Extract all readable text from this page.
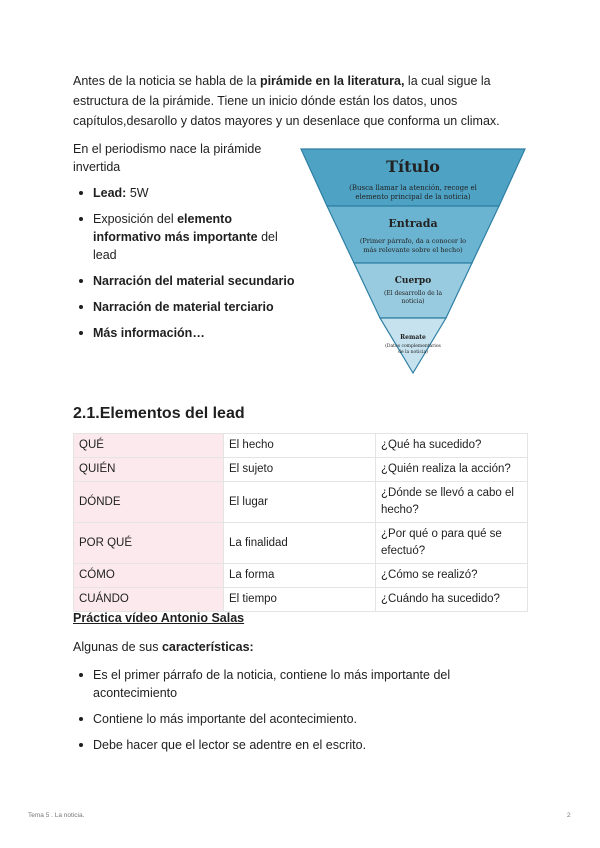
Antes de la noticia se habla de la pirámide en la literatura, la cual sigue la estructura de la pirámide. Tiene un inicio dónde están los datos, unos capítulos,desarollo y datos mayores y un desenlace que conforma un climax.

En el periodismo nace la pirámide invertida

Lead: 5W
Exposición del elemento informativo más importante del lead
Narración del material secundario
Narración de material terciario
Más información…
Título
(Busca llamar la atención, recoge el
elemento principal de la noticia)
Entrada
(Primer párrafo, da a conocer lo
más relevante sobre el hecho)
Cuerpo
(El desarrollo de la
noticia)
Remate
(Datos complementarios
de la noticia)
2.1.Elementos del lead
QUÉ	El hecho	¿Qué ha sucedido?
QUIÉN	El sujeto	¿Quién realiza la acción?
DÓNDE	El lugar	¿Dónde se llevó a cabo el hecho?
POR QUÉ	La finalidad	¿Por qué o para qué se efectuó?
CÓMO	La forma	¿Cómo se realizó?
CUÁNDO	El tiempo	¿Cuándo ha sucedido?
Práctica vídeo Antonio Salas

Algunas de sus características:

Es el primer párrafo de la noticia, contiene lo más importante del acontecimiento
Contiene lo más importante del acontecimiento.
Debe hacer que el lector se adentre en el escrito.
Tema 5 . La noticia.	2
